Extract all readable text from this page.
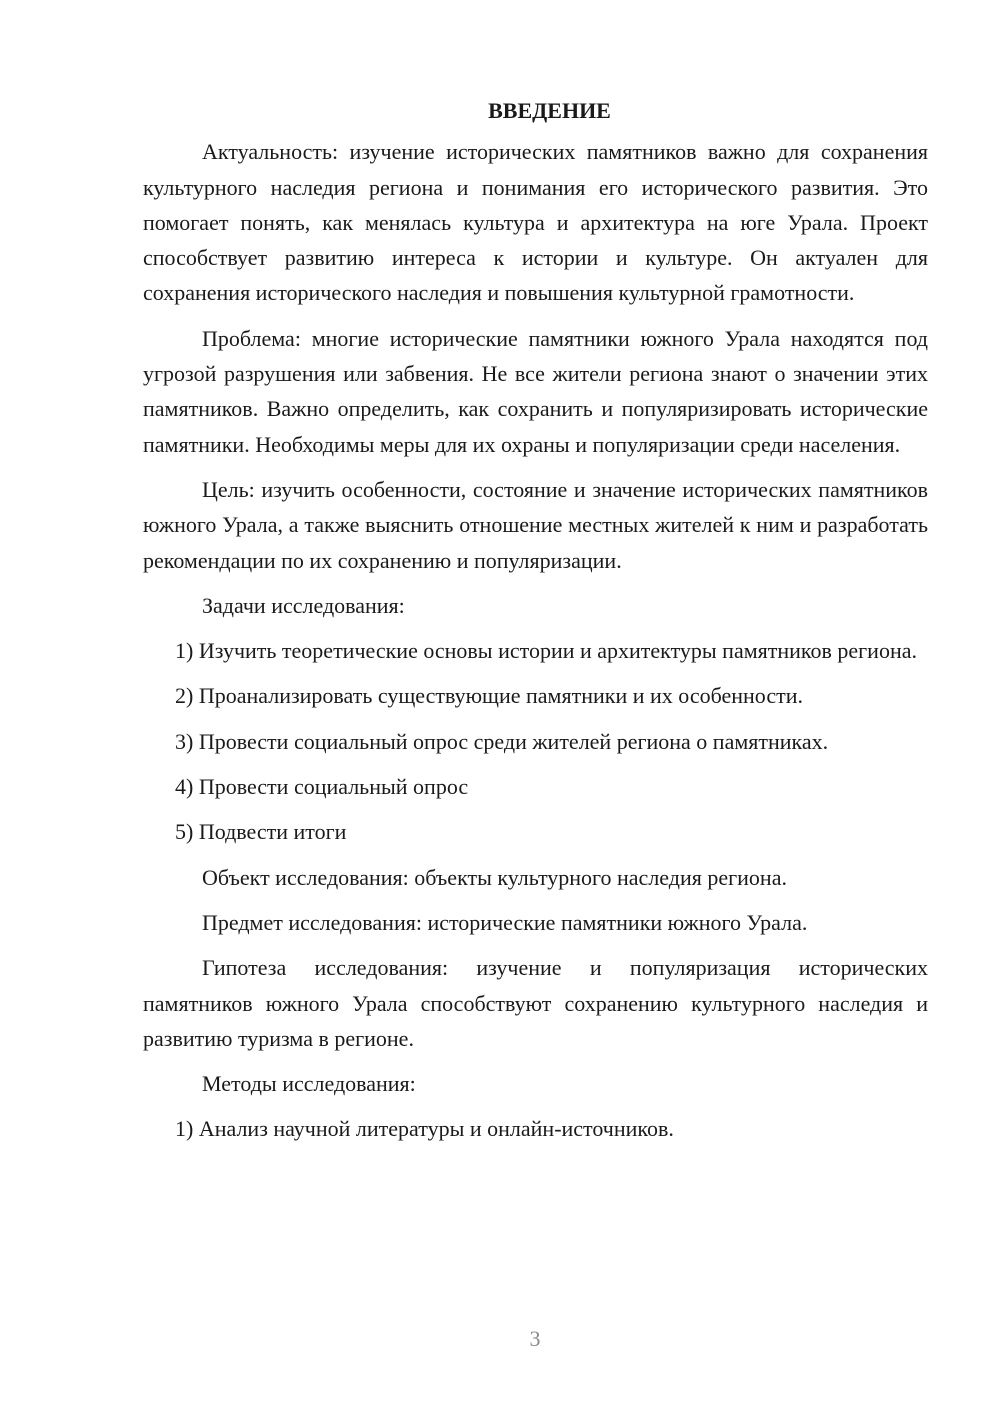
ВВЕДЕНИЕ
Актуальность: изучение исторических памятников важно для сохранения культурного наследия региона и понимания его исторического развития. Это помогает понять, как менялась культура и архитектура на юге Урала. Проект способствует развитию интереса к истории и культуре. Он актуален для сохранения исторического наследия и повышения культурной грамотности.
Проблема: многие исторические памятники южного Урала находятся под угрозой разрушения или забвения. Не все жители региона знают о значении этих памятников. Важно определить, как сохранить и популяризировать исторические памятники. Необходимы меры для их охраны и популяризации среди населения.
Цель: изучить особенности, состояние и значение исторических памятников южного Урала, а также выяснить отношение местных жителей к ним и разработать рекомендации по их сохранению и популяризации.
Задачи исследования:
1) Изучить теоретические основы истории и архитектуры памятников региона.
2) Проанализировать существующие памятники и их особенности.
3) Провести социальный опрос среди жителей региона о памятниках.
4) Провести социальный опрос
5) Подвести итоги
Объект исследования: объекты культурного наследия региона.
Предмет исследования: исторические памятники южного Урала.
Гипотеза исследования: изучение и популяризация исторических памятников южного Урала способствуют сохранению культурного наследия и развитию туризма в регионе.
Методы исследования:
1) Анализ научной литературы и онлайн-источников.
3
